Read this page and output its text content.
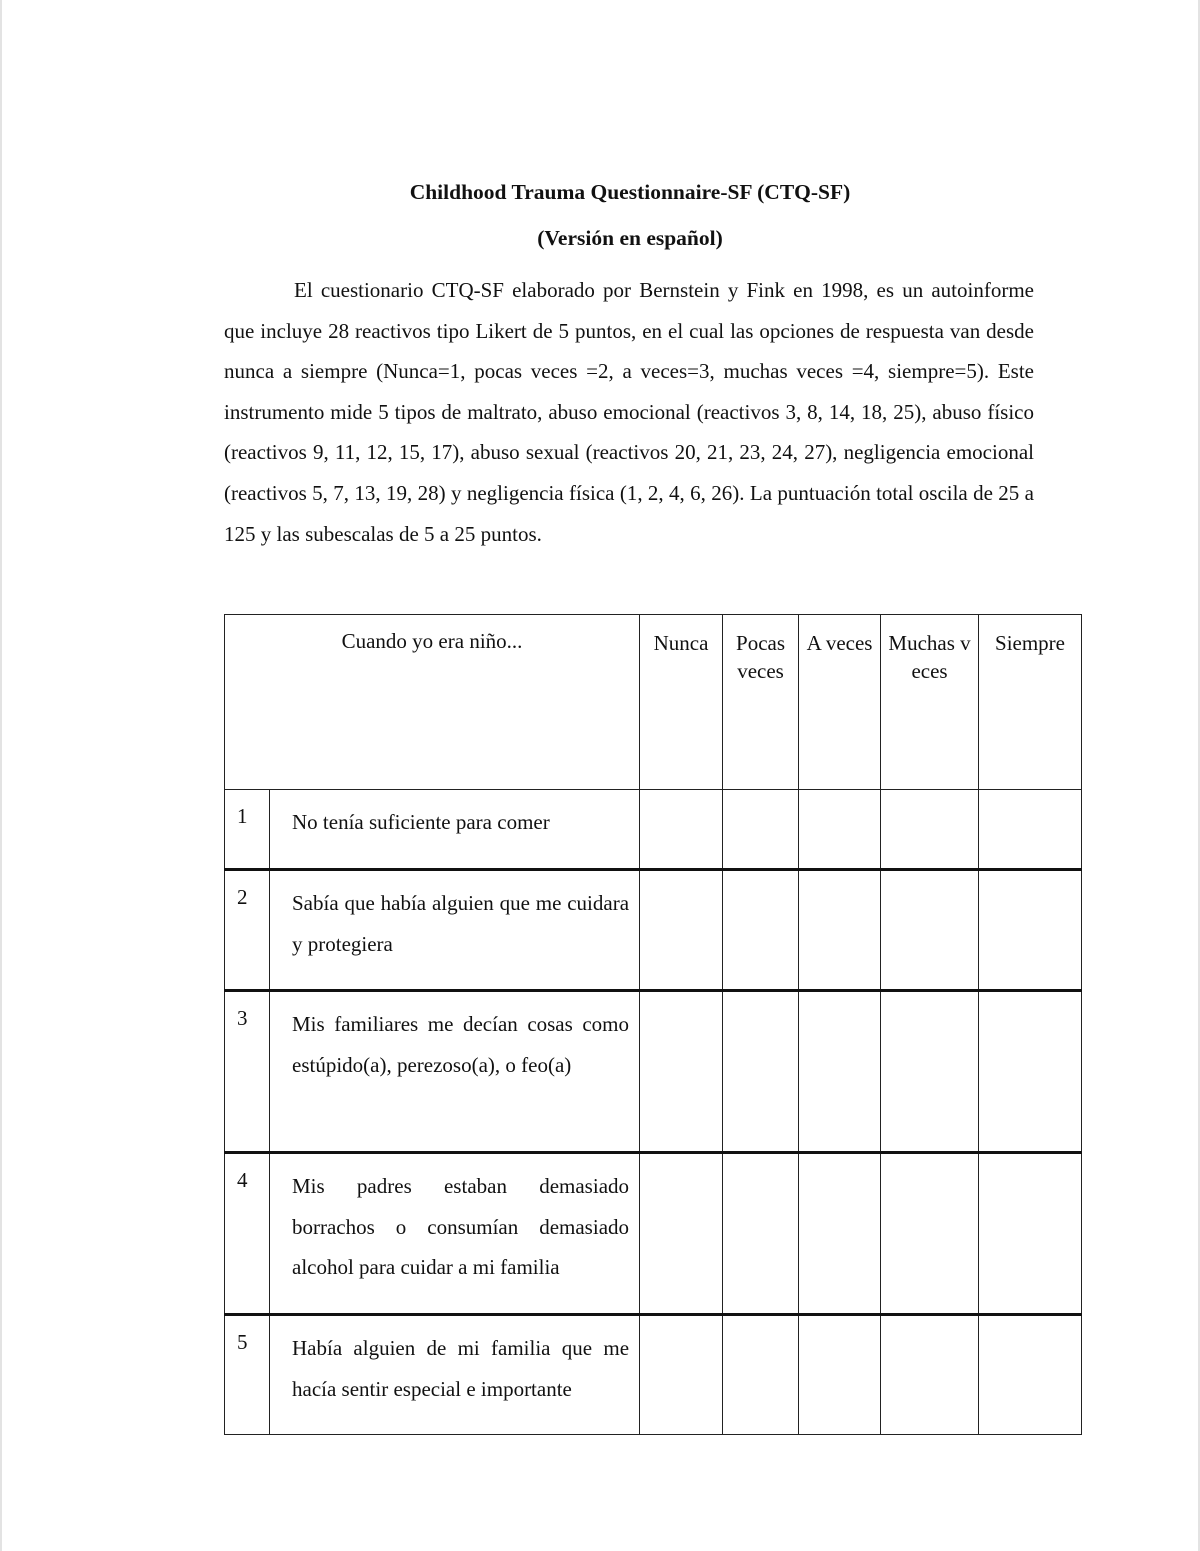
Childhood Trauma Questionnaire-SF (CTQ-SF)
(Versión en español)

El cuestionario CTQ-SF elaborado por Bernstein y Fink en 1998, es un autoinforme que incluye 28 reactivos tipo Likert de 5 puntos, en el cual las opciones de respuesta van desde nunca a siempre (Nunca=1, pocas veces =2, a veces=3, muchas veces =4, siempre=5). Este instrumento mide 5 tipos de maltrato, abuso emocional (reactivos 3, 8, 14, 18, 25), abuso físico (reactivos 9, 11, 12, 15, 17), abuso sexual (reactivos 20, 21, 23, 24, 27), negligencia emocional (reactivos 5, 7, 13, 19, 28) y negligencia física (1, 2, 4, 6, 26). La puntuación total oscila de 25 a 125 y las subescalas de 5 a 25 puntos.

Cuando yo era niño...		Nunca	Pocas veces	A veces	Muchas veces	Siempre
1	No tenía suficiente para comer					
2	Sabía que había alguien que me cuidara y protegiera					
3	Mis familiares me decían cosas como estúpido(a), perezoso(a), o feo(a)					
4	Mis padres estaban demasiado borrachos o consumían demasiado alcohol para cuidar a mi familia					
5	Había alguien de mi familia que me hacía sentir especial e importante					
